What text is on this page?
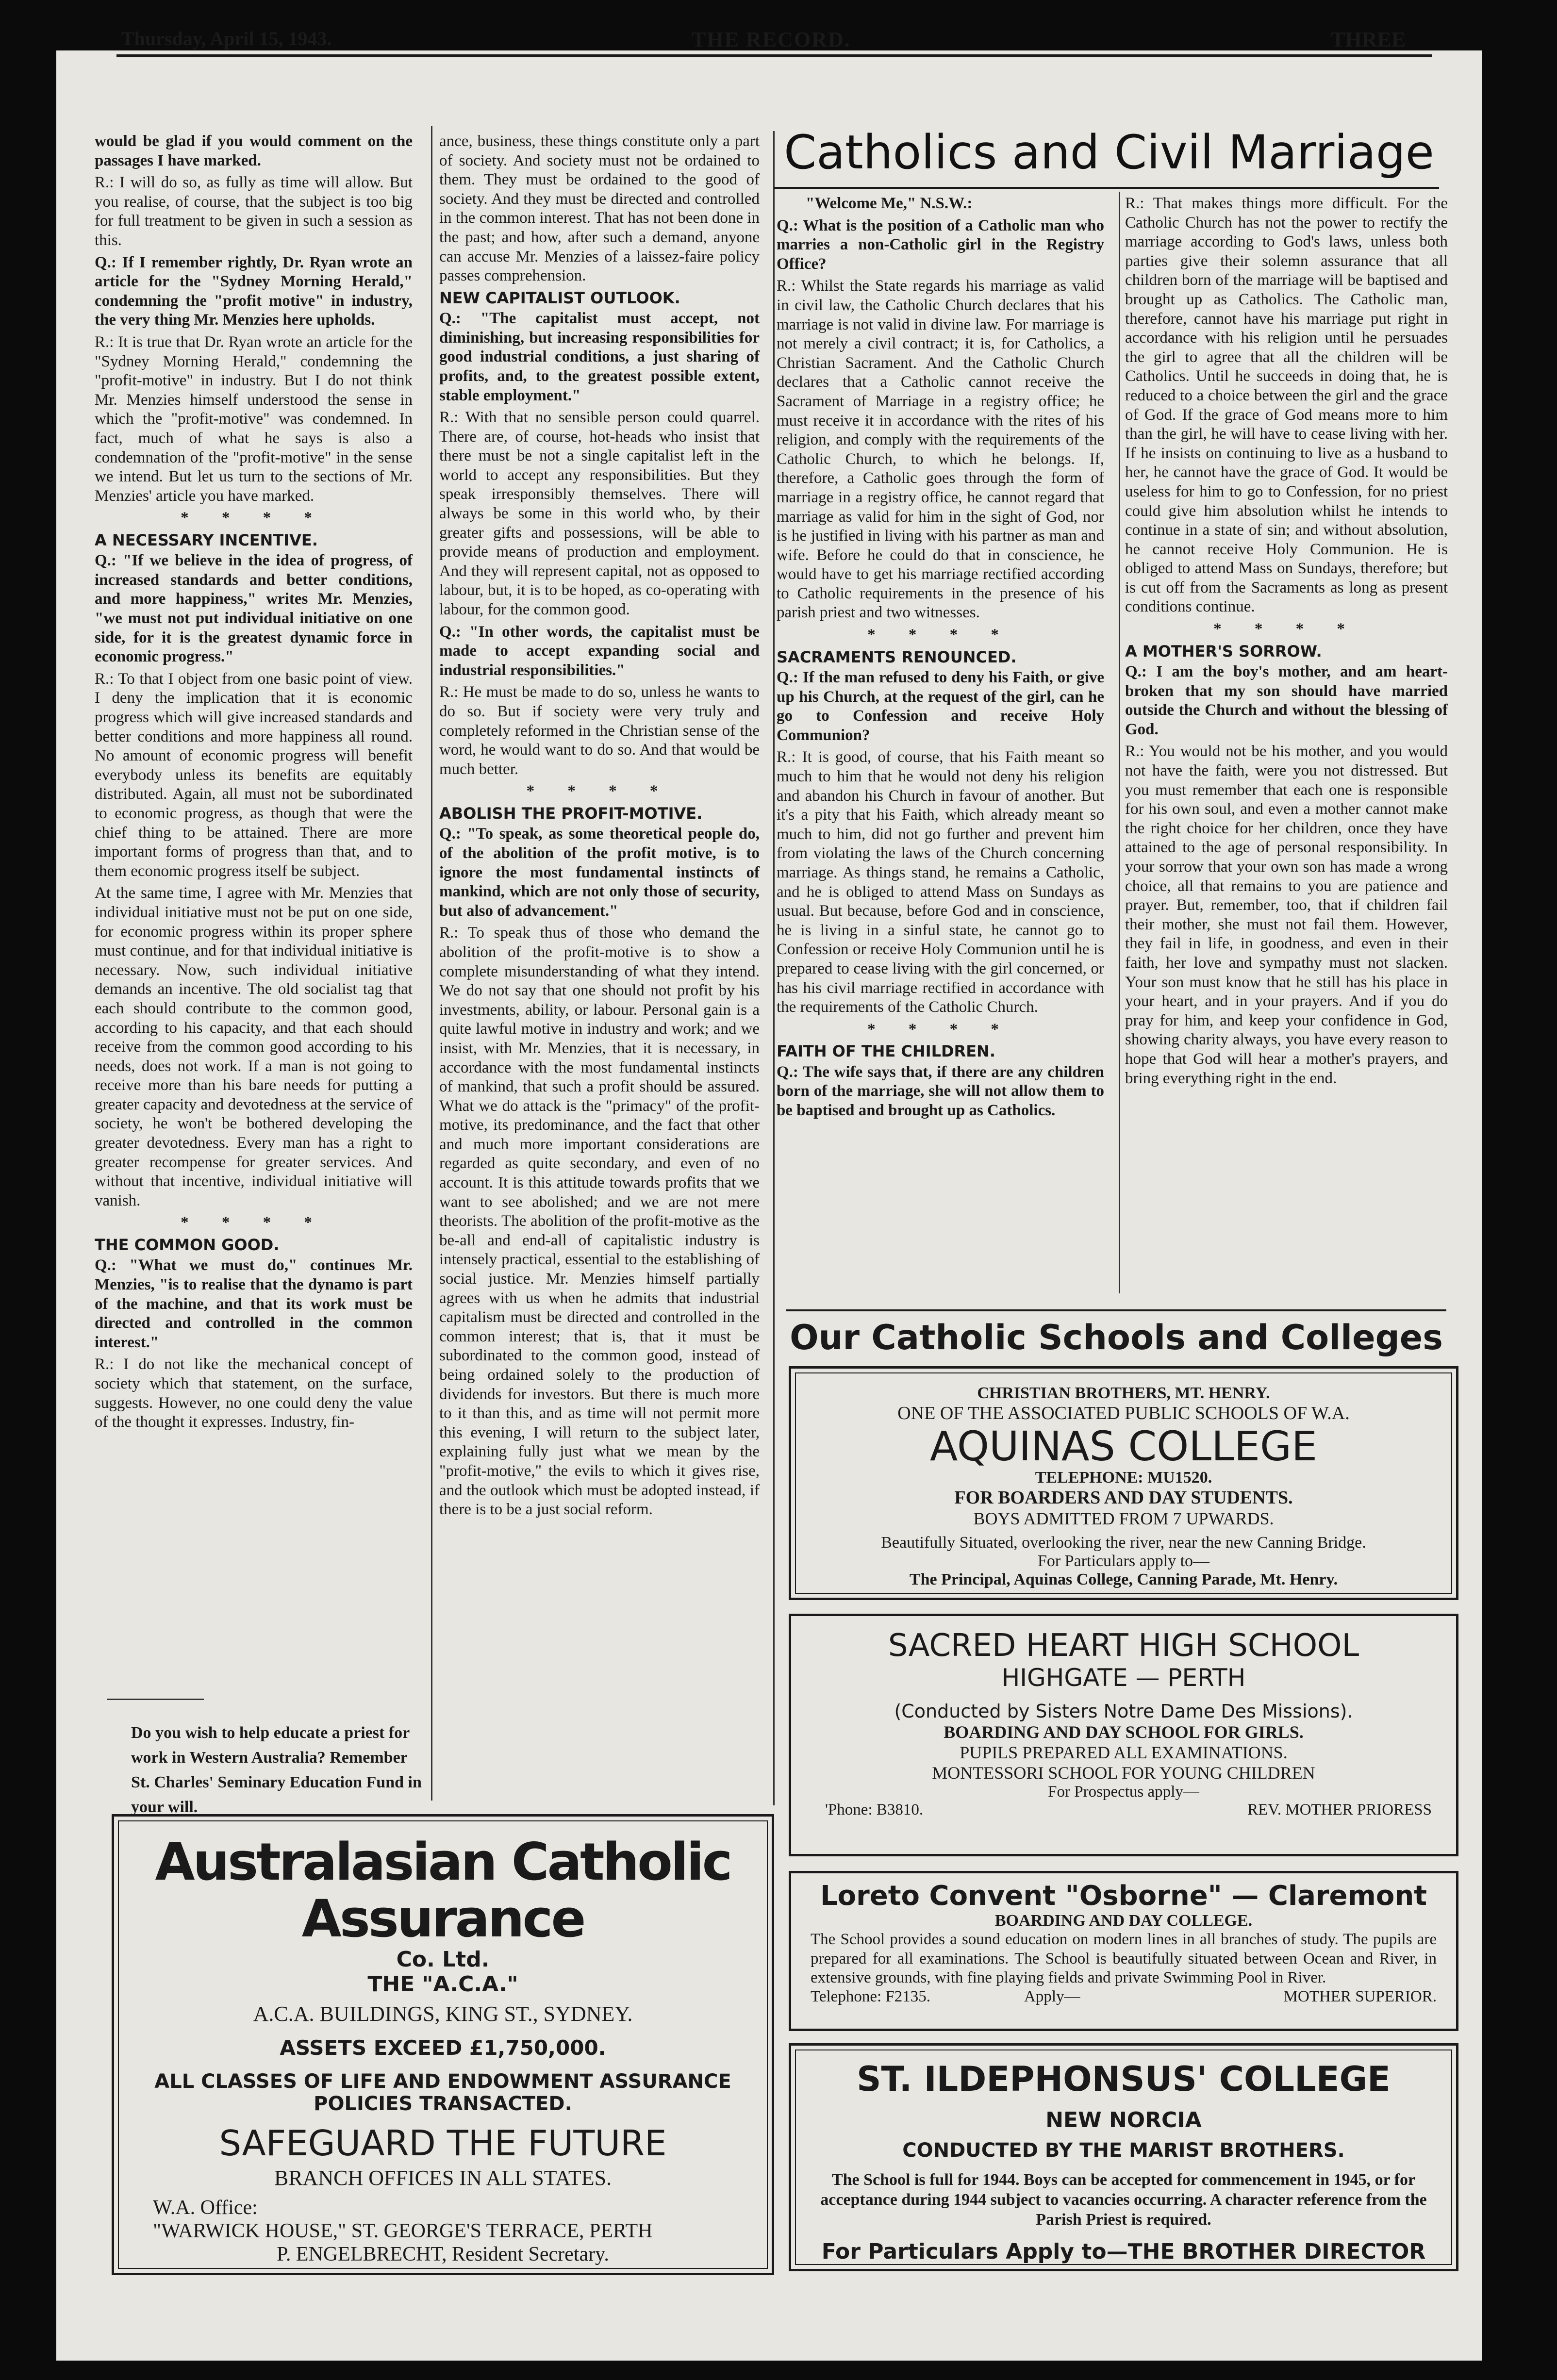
Thursday, April 15, 1943.	THE RECORD.	THREE

would be glad if you would comment on the passages I have marked.

R.: I will do so, as fully as time will allow. But you realise, of course, that the subject is too big for full treatment to be given in such a session as this.

Q.: If I remember rightly, Dr. Ryan wrote an article for the "Sydney Morning Herald," condemning the "profit motive" in industry, the very thing Mr. Menzies here upholds.

R.: It is true that Dr. Ryan wrote an article for the "Sydney Morning Herald," condemning the "profit-motive" in industry. But I do not think Mr. Menzies himself understood the sense in which the "profit-motive" was condemned. In fact, much of what he says is also a condemnation of the "profit-motive" in the sense we intend. But let us turn to the sections of Mr. Menzies' article you have marked.

* * * *
A NECESSARY INCENTIVE.

Q.: "If we believe in the idea of progress, of increased standards and better conditions, and more happiness," writes Mr. Menzies, "we must not put individual initiative on one side, for it is the greatest dynamic force in economic progress."

R.: To that I object from one basic point of view. I deny the implication that it is economic progress which will give increased standards and better conditions and more happiness all round. No amount of economic progress will benefit everybody unless its benefits are equitably distributed. Again, all must not be subordinated to economic progress, as though that were the chief thing to be attained. There are more important forms of progress than that, and to them economic progress itself be subject.

At the same time, I agree with Mr. Menzies that individual initiative must not be put on one side, for economic progress within its proper sphere must continue, and for that individual initiative is necessary. Now, such individual initiative demands an incentive. The old socialist tag that each should contribute to the common good, according to his capacity, and that each should receive from the common good according to his needs, does not work. If a man is not going to receive more than his bare needs for putting a greater capacity and devotedness at the service of society, he won't be bothered developing the greater devotedness. Every man has a right to greater recompense for greater services. And without that incentive, individual initiative will vanish.

* * * *
THE COMMON GOOD.

Q.: "What we must do," continues Mr. Menzies, "is to realise that the dynamo is part of the machine, and that its work must be directed and controlled in the common interest."

R.: I do not like the mechanical concept of society which that statement, on the surface, suggests. However, no one could deny the value of the thought it expresses. Industry, fin-

Do you wish to help educate a priest for work in Western Australia? Remember St. Charles' Seminary Education Fund in your will.

ance, business, these things constitute only a part of society. And society must not be ordained to them. They must be ordained to the good of society. And they must be directed and controlled in the common interest. That has not been done in the past; and how, after such a demand, anyone can accuse Mr. Menzies of a laissez-faire policy passes comprehension.

NEW CAPITALIST OUTLOOK.

Q.: "The capitalist must accept, not diminishing, but increasing responsibilities for good industrial conditions, a just sharing of profits, and, to the greatest possible extent, stable employment."

R.: With that no sensible person could quarrel. There are, of course, hot-heads who insist that there must be not a single capitalist left in the world to accept any responsibilities. But they speak irresponsibly themselves. There will always be some in this world who, by their greater gifts and possessions, will be able to provide means of production and employment. And they will represent capital, not as opposed to labour, but, it is to be hoped, as co-operating with labour, for the common good.

Q.: "In other words, the capitalist must be made to accept expanding social and industrial responsibilities."

R.: He must be made to do so, unless he wants to do so. But if society were very truly and completely reformed in the Christian sense of the word, he would want to do so. And that would be much better.

* * * *
ABOLISH THE PROFIT-MOTIVE.

Q.: "To speak, as some theoretical people do, of the abolition of the profit motive, is to ignore the most fundamental instincts of mankind, which are not only those of security, but also of advancement."

R.: To speak thus of those who demand the abolition of the profit-motive is to show a complete misunderstanding of what they intend. We do not say that one should not profit by his investments, ability, or labour. Personal gain is a quite lawful motive in industry and work; and we insist, with Mr. Menzies, that it is necessary, in accordance with the most fundamental instincts of mankind, that such a profit should be assured. What we do attack is the "primacy" of the profit-motive, its predominance, and the fact that other and much more important considerations are regarded as quite secondary, and even of no account. It is this attitude towards profits that we want to see abolished; and we are not mere theorists. The abolition of the profit-motive as the be-all and end-all of capitalistic industry is intensely practical, essential to the establishing of social justice. Mr. Menzies himself partially agrees with us when he admits that industrial capitalism must be directed and controlled in the common interest; that is, that it must be subordinated to the common good, instead of being ordained solely to the production of dividends for investors. But there is much more to it than this, and as time will not permit more this evening, I will return to the subject later, explaining fully just what we mean by the "profit-motive," the evils to which it gives rise, and the outlook which must be adopted instead, if there is to be a just social reform.

Catholics and Civil Marriage

"Welcome Me," N.S.W.:

Q.: What is the position of a Catholic man who marries a non-Catholic girl in the Registry Office?

R.: Whilst the State regards his marriage as valid in civil law, the Catholic Church declares that his marriage is not valid in divine law. For marriage is not merely a civil contract; it is, for Catholics, a Christian Sacrament. And the Catholic Church declares that a Catholic cannot receive the Sacrament of Marriage in a registry office; he must receive it in accordance with the rites of his religion, and comply with the requirements of the Catholic Church, to which he belongs. If, therefore, a Catholic goes through the form of marriage in a registry office, he cannot regard that marriage as valid for him in the sight of God, nor is he justified in living with his partner as man and wife. Before he could do that in conscience, he would have to get his marriage rectified according to Catholic requirements in the presence of his parish priest and two witnesses.

* * * *
SACRAMENTS RENOUNCED.

Q.: If the man refused to deny his Faith, or give up his Church, at the request of the girl, can he go to Confession and receive Holy Communion?

R.: It is good, of course, that his Faith meant so much to him that he would not deny his religion and abandon his Church in favour of another. But it's a pity that his Faith, which already meant so much to him, did not go further and prevent him from violating the laws of the Church concerning marriage. As things stand, he remains a Catholic, and he is obliged to attend Mass on Sundays as usual. But because, before God and in conscience, he is living in a sinful state, he cannot go to Confession or receive Holy Communion until he is prepared to cease living with the girl concerned, or has his civil marriage rectified in accordance with the requirements of the Catholic Church.

* * * *
FAITH OF THE CHILDREN.

Q.: The wife says that, if there are any children born of the marriage, she will not allow them to be baptised and brought up as Catholics.

R.: That makes things more difficult. For the Catholic Church has not the power to rectify the marriage according to God's laws, unless both parties give their solemn assurance that all children born of the marriage will be baptised and brought up as Catholics. The Catholic man, therefore, cannot have his marriage put right in accordance with his religion until he persuades the girl to agree that all the children will be Catholics. Until he succeeds in doing that, he is reduced to a choice between the girl and the grace of God. If the grace of God means more to him than the girl, he will have to cease living with her. If he insists on continuing to live as a husband to her, he cannot have the grace of God. It would be useless for him to go to Confession, for no priest could give him absolution whilst he intends to continue in a state of sin; and without absolution, he cannot receive Holy Communion. He is obliged to attend Mass on Sundays, therefore; but is cut off from the Sacraments as long as present conditions continue.

* * * *
A MOTHER'S SORROW.

Q.: I am the boy's mother, and am heart-broken that my son should have married outside the Church and without the blessing of God.

R.: You would not be his mother, and you would not have the faith, were you not distressed. But you must remember that each one is responsible for his own soul, and even a mother cannot make the right choice for her children, once they have attained to the age of personal responsibility. In your sorrow that your own son has made a wrong choice, all that remains to you are patience and prayer. But, remember, too, that if children fail their mother, she must not fail them. However, they fail in life, in goodness, and even in their faith, her love and sympathy must not slacken. Your son must know that he still has his place in your heart, and in your prayers. And if you do pray for him, and keep your confidence in God, showing charity always, you have every reason to hope that God will hear a mother's prayers, and bring everything right in the end.

Our Catholic Schools and Colleges
CHRISTIAN BROTHERS, MT. HENRY.
ONE OF THE ASSOCIATED PUBLIC SCHOOLS OF W.A.
AQUINAS COLLEGE
TELEPHONE: MU1520.
FOR BOARDERS AND DAY STUDENTS.
BOYS ADMITTED FROM 7 UPWARDS.
Beautifully Situated, overlooking the river, near the new Canning Bridge.
For Particulars apply to—
The Principal, Aquinas College, Canning Parade, Mt. Henry.
SACRED HEART HIGH SCHOOL
HIGHGATE — PERTH
(Conducted by Sisters Notre Dame Des Missions).
BOARDING AND DAY SCHOOL FOR GIRLS.
PUPILS PREPARED ALL EXAMINATIONS.
MONTESSORI SCHOOL FOR YOUNG CHILDREN
For Prospectus apply—
'Phone: B3810.	REV. MOTHER PRIORESS
Loreto Convent "Osborne" — Claremont
BOARDING AND DAY COLLEGE.
The School provides a sound education on modern lines in all branches of study. The pupils are prepared for all examinations. The School is beautifully situated between Ocean and River, in extensive grounds, with fine playing fields and private Swimming Pool in River.
Telephone: F2135.	Apply—	MOTHER SUPERIOR.
ST. ILDEPHONSUS' COLLEGE
NEW NORCIA
CONDUCTED BY THE MARIST BROTHERS.
The School is full for 1944. Boys can be accepted for commencement in 1945, or for acceptance during 1944 subject to vacancies occurring. A character reference from the Parish Priest is required.
For Particulars Apply to—THE BROTHER DIRECTOR
Australasian Catholic Assurance
Co. Ltd.
THE "A.C.A."
A.C.A. BUILDINGS, KING ST., SYDNEY.
ASSETS EXCEED £1,750,000.
ALL CLASSES OF LIFE AND ENDOWMENT ASSURANCE POLICIES TRANSACTED.
SAFEGUARD THE FUTURE
BRANCH OFFICES IN ALL STATES.
W.A. Office:
"WARWICK HOUSE," ST. GEORGE'S TERRACE, PERTH
P. ENGELBRECHT, Resident Secretary.
